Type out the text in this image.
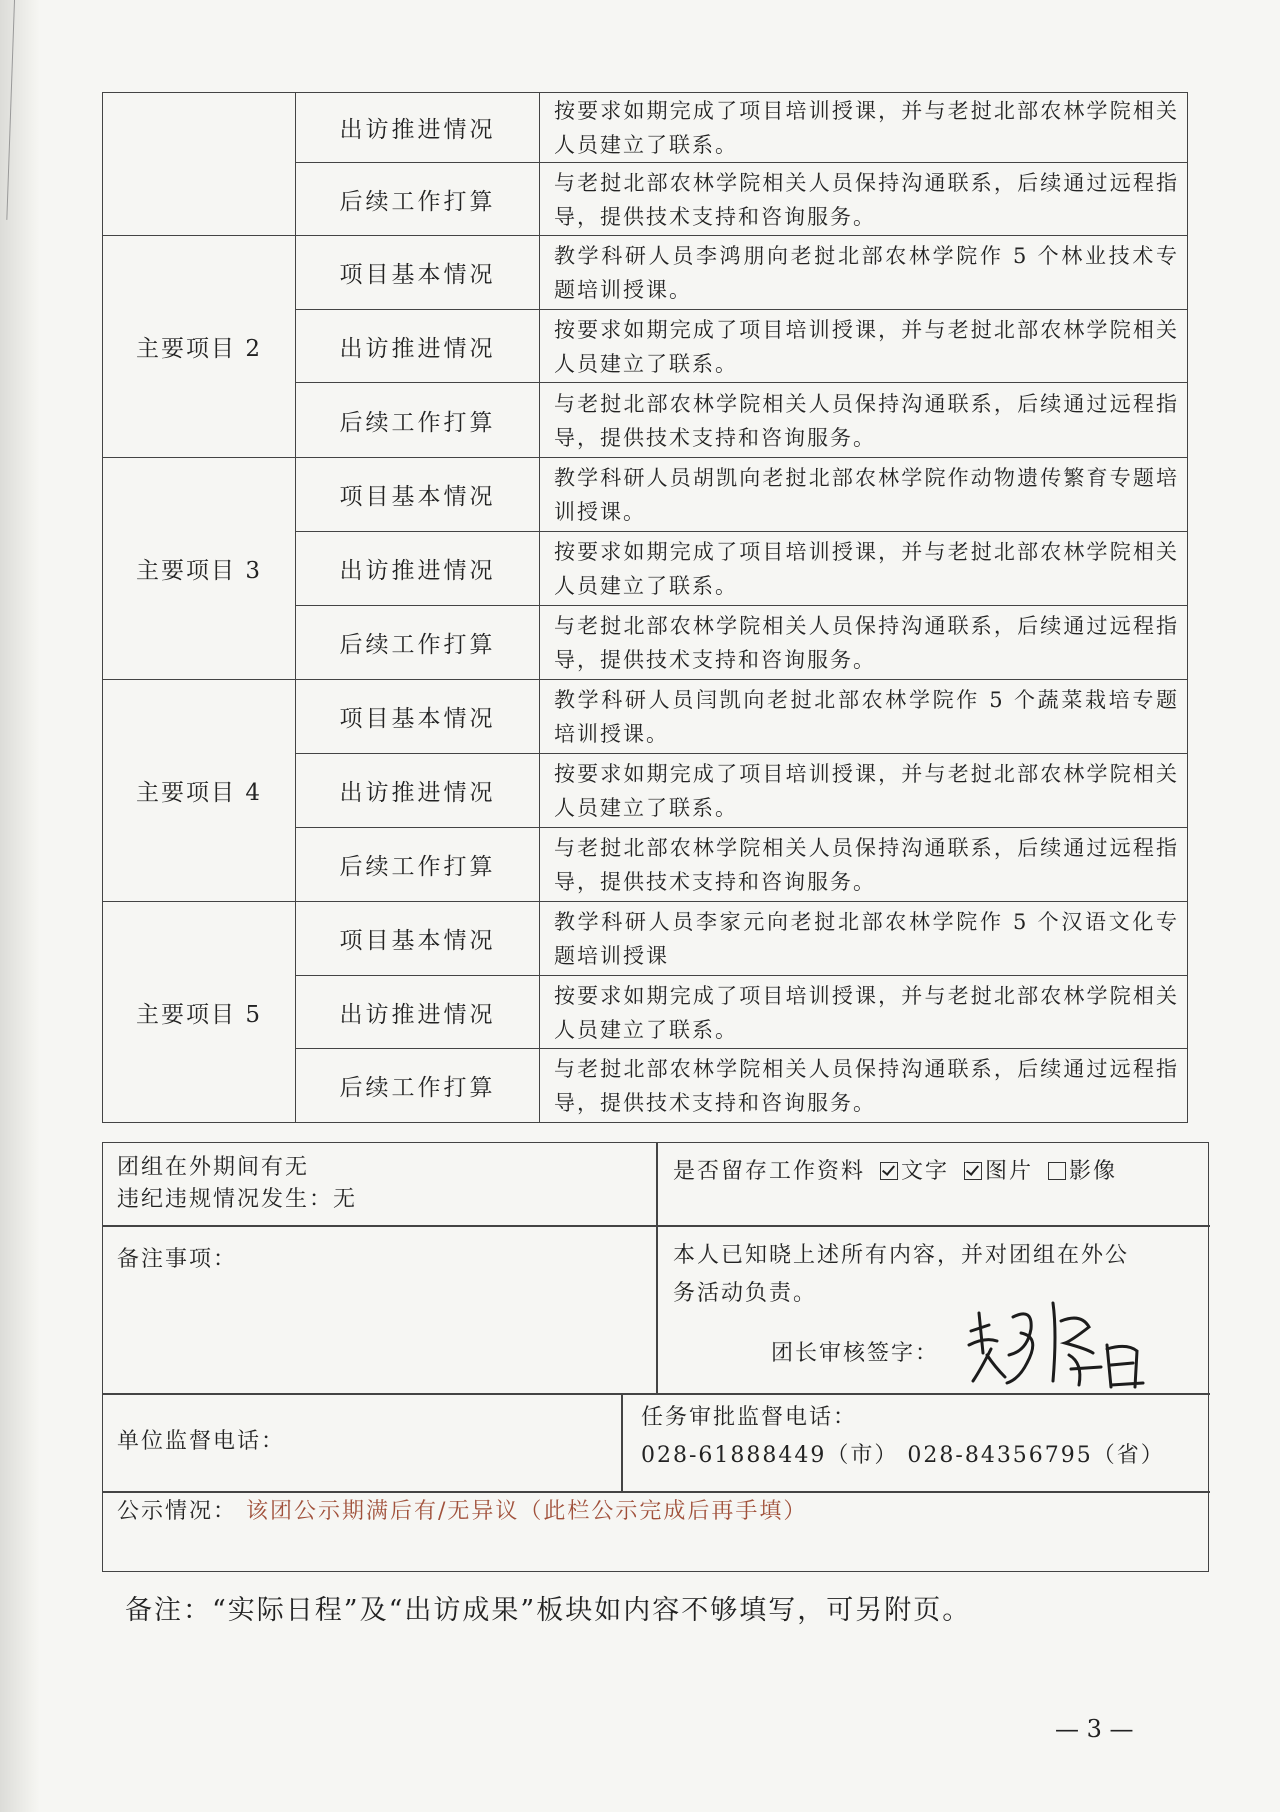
	出访推进情况	按要求如期完成了项目培训授课，并与老挝北部农林学院相关人员建立了联系。
	后续工作打算	与老挝北部农林学院相关人员保持沟通联系，后续通过远程指导，提供技术支持和咨询服务。
主要项目 2	项目基本情况	教学科研人员李鸿朋向老挝北部农林学院作 5 个林业技术专题培训授课。
	出访推进情况	按要求如期完成了项目培训授课，并与老挝北部农林学院相关人员建立了联系。
	后续工作打算	与老挝北部农林学院相关人员保持沟通联系，后续通过远程指导，提供技术支持和咨询服务。
主要项目 3	项目基本情况	教学科研人员胡凯向老挝北部农林学院作动物遗传繁育专题培训授课。
	出访推进情况	按要求如期完成了项目培训授课，并与老挝北部农林学院相关人员建立了联系。
	后续工作打算	与老挝北部农林学院相关人员保持沟通联系，后续通过远程指导，提供技术支持和咨询服务。
主要项目 4	项目基本情况	教学科研人员闫凯向老挝北部农林学院作 5 个蔬菜栽培专题培训授课。
	出访推进情况	按要求如期完成了项目培训授课，并与老挝北部农林学院相关人员建立了联系。
	后续工作打算	与老挝北部农林学院相关人员保持沟通联系，后续通过远程指导，提供技术支持和咨询服务。
主要项目 5	项目基本情况	教学科研人员李家元向老挝北部农林学院作 5 个汉语文化专题培训授课
	出访推进情况	按要求如期完成了项目培训授课，并与老挝北部农林学院相关人员建立了联系。
	后续工作打算	与老挝北部农林学院相关人员保持沟通联系，后续通过远程指导，提供技术支持和咨询服务。
团组在外期间有无
违纪违规情况发生：无
是否留存工作资料 文字 图片 影像
备注事项：	本人已知晓上述所有内容，并对团组在外公
务活动负责。
团长审核签字：
单位监督电话：
任务审批监督电话：
028-61888449（市） 028-84356795（省）
公示情况： 该团公示期满后有/无异议（此栏公示完成后再手填）
备注：“实际日程”及“出访成果”板块如内容不够填写，可另附页。
— 3 —
